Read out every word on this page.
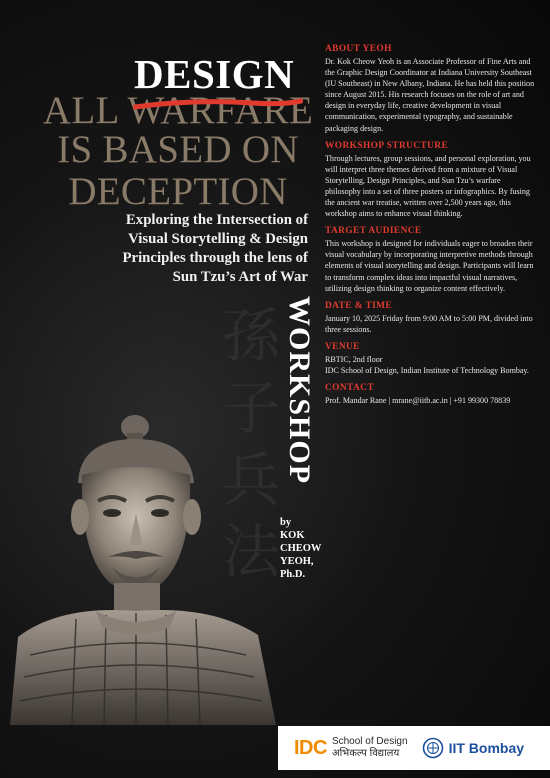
孫子兵法
DESIGN
ALL WARFARE
IS BASED ON
DECEPTION
Exploring the Intersection of
Visual Storytelling & Design
Principles through the lens of
Sun Tzu’s Art of War
WORKSHOP
by
KOK
CHEOW
YEOH,
Ph.D.
ABOUT YEOH
Dr. Kok Cheow Yeoh is an Associate Professor of Fine Arts and the Graphic Design Coordinator at Indiana University Southeast (IU Southeast) in New Albany, Indiana. He has held this position since August 2015. His research focuses on the role of art and design in everyday life, creative development in visual communication, experimental typography, and sustainable packaging design.
WORKSHOP STRUCTURE
Through lectures, group sessions, and personal exploration, you will interpret three themes derived from a mixture of Visual Storytelling, Design Principles, and Sun Tzu’s warfare philosophy into a set of three posters or infographics. By fusing the ancient war treatise, written over 2,500 years ago, this workshop aims to enhance visual thinking.
TARGET AUDIENCE
This workshop is designed for individuals eager to broaden their visual vocabulary by incorporating interpretive methods through elements of visual storytelling and design. Participants will learn to transform complex ideas into impactful visual narratives, utilizing design thinking to organize content effectively.
DATE & TIME
January 10, 2025 Friday from 9:00 AM to 5:00 PM, divided into three sessions.
VENUE
RBTIC, 2nd floor
IDC School of Design, Indian Institute of Technology Bombay.
CONTACT
Prof. Mandar Rane | mrane@iitb.ac.in | +91 99300 78839
IDC School of Design
अभिकल्प विद्यालय	IIT Bombay
